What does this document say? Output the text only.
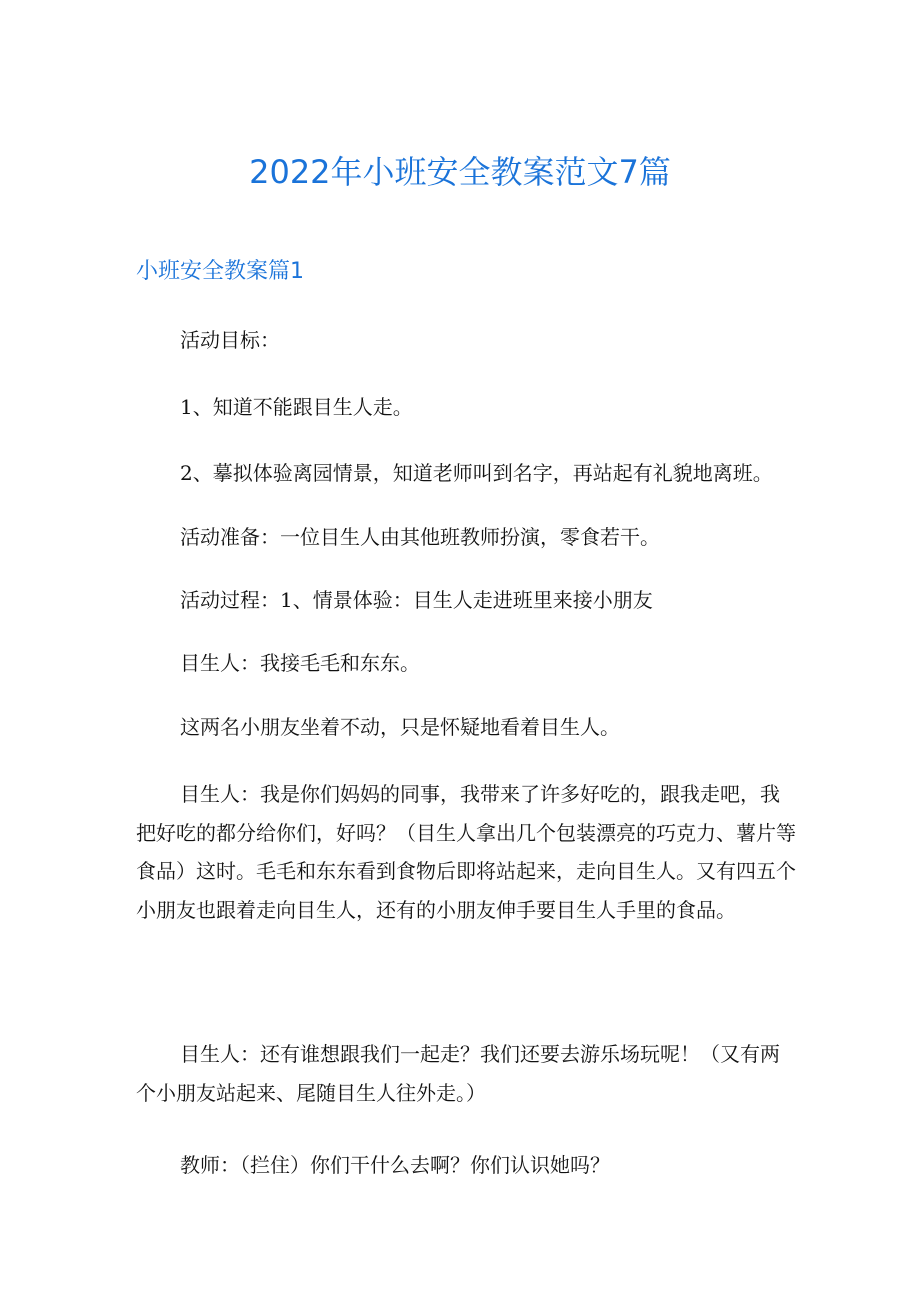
2022年小班安全教案范文7篇
小班安全教案篇1
活动目标：
1、知道不能跟目生人走。
2、摹拟体验离园情景，知道老师叫到名字，再站起有礼貌地离班。
活动准备：一位目生人由其他班教师扮演，零食若干。
活动过程：1、情景体验：目生人走进班里来接小朋友
目生人：我接毛毛和东东。
这两名小朋友坐着不动，只是怀疑地看着目生人。
目生人：我是你们妈妈的同事，我带来了许多好吃的，跟我走吧，我把好吃的都分给你们，好吗？（目生人拿出几个包装漂亮的巧克力、薯片等食品）这时。毛毛和东东看到食物后即将站起来，走向目生人。又有四五个小朋友也跟着走向目生人，还有的小朋友伸手要目生人手里的食品。
目生人：还有谁想跟我们一起走？我们还要去游乐场玩呢！（又有两个小朋友站起来、尾随目生人往外走。）
教师：（拦住）你们干什么去啊？你们认识她吗？
